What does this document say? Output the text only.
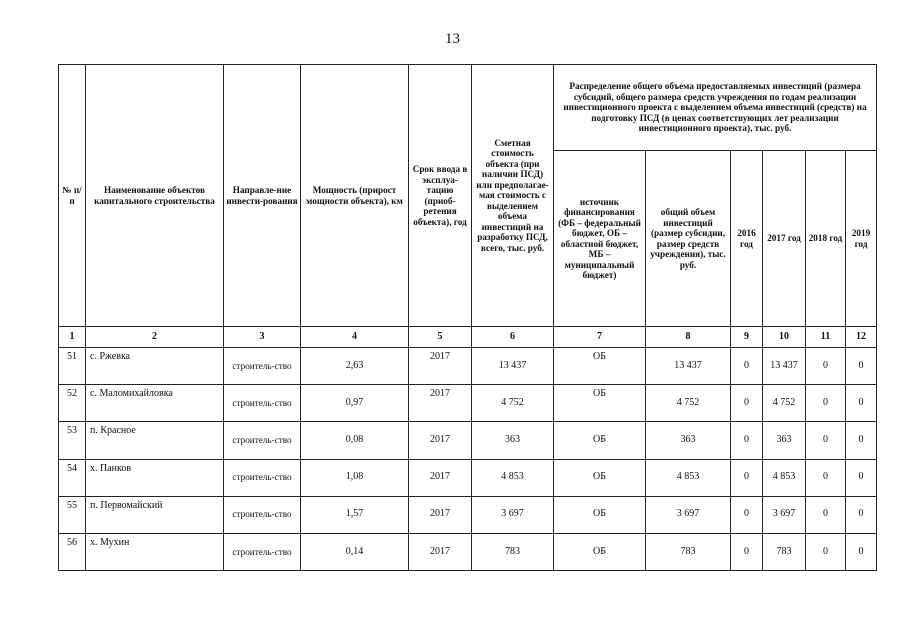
13
№ п/п	Наименование объектов капитального строительства	Направле-ние инвести-рования	Мощность (прирост мощности объекта), км	Срок ввода в эксплуа-тацию (приоб-ретения объекта), год	Сметная стоимость объекта (при наличии ПСД) или предполагае-мая стоимость с выделением объема инвестиций на разработку ПСД, всего, тыс. руб.	Распределение общего объема предоставляемых инвестиций (размера субсидий, общего размера средств учреждения по годам реализации инвестиционного проекта с выделением объема инвестиций (средств) на подготовку ПСД (в ценах соответствующих лет реализации инвестиционного проекта), тыс. руб.					
						источник финансирования (ФБ – федеральный бюджет, ОБ – областной бюджет, МБ – муниципальный бюджет)	общий объем инвестиций (размер субсидии, размер средств учреждения), тыс. руб.	2016 год	2017 год	2018 год	2019 год
1	2	3	4	5	6	7	8	9	10	11	12
51	с. Ржевка	строитель-ство	2,63	2017	13 437	ОБ	13 437	0	13 437	0	0
52	с. Маломихайловка	строитель-ство	0,97	2017	4 752	ОБ	4 752	0	4 752	0	0
53	п. Красное	строитель-ство	0,08	2017	363	ОБ	363	0	363	0	0
54	х. Панков	строитель-ство	1,08	2017	4 853	ОБ	4 853	0	4 853	0	0
55	п. Первомайский	строитель-ство	1,57	2017	3 697	ОБ	3 697	0	3 697	0	0
56	х. Мухин	строитель-ство	0,14	2017	783	ОБ	783	0	783	0	0
